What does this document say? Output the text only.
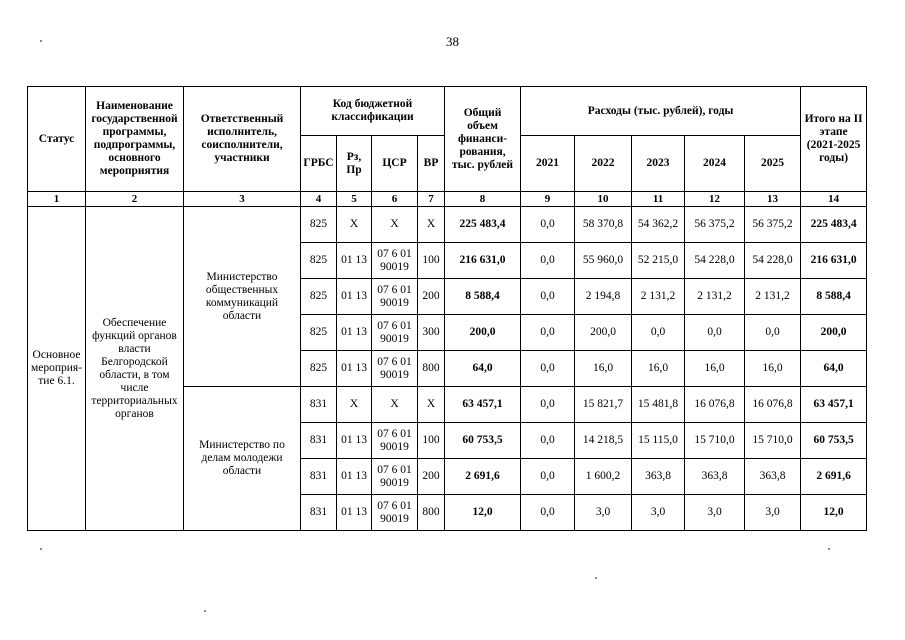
38
Статус	Наименование государственной программы, подпрограммы, основного мероприятия	Ответственный исполнитель, соисполнители, участники	Код бюджетной классификации				Общий объем финанси-рования, тыс. рублей	Расходы (тыс. рублей), годы					Итого на II этапе (2021-2025 годы)
			ГРБС	Рз, Пр	ЦСР	ВР		2021	2022	2023	2024	2025	
1	2	3	4	5	6	7	8	9	10	11	12	13	14
Основное мероприя-тие 6.1.	Обеспечение функций органов власти Белгородской области, в том числе территориальных органов	Министерство общественных коммуникаций области	825	Х	Х	Х	225 483,4	0,0	58 370,8	54 362,2	56 375,2	56 375,2	225 483,4
			825	01 13	07 6 01 90019	100	216 631,0	0,0	55 960,0	52 215,0	54 228,0	54 228,0	216 631,0
			825	01 13	07 6 01 90019	200	8 588,4	0,0	2 194,8	2 131,2	2 131,2	2 131,2	8 588,4
			825	01 13	07 6 01 90019	300	200,0	0,0	200,0	0,0	0,0	0,0	200,0
			825	01 13	07 6 01 90019	800	64,0	0,0	16,0	16,0	16,0	16,0	64,0
		Министерство по делам молодежи области	831	Х	Х	Х	63 457,1	0,0	15 821,7	15 481,8	16 076,8	16 076,8	63 457,1
			831	01 13	07 6 01 90019	100	60 753,5	0,0	14 218,5	15 115,0	15 710,0	15 710,0	60 753,5
			831	01 13	07 6 01 90019	200	2 691,6	0,0	1 600,2	363,8	363,8	363,8	2 691,6
			831	01 13	07 6 01 90019	800	12,0	0,0	3,0	3,0	3,0	3,0	12,0
